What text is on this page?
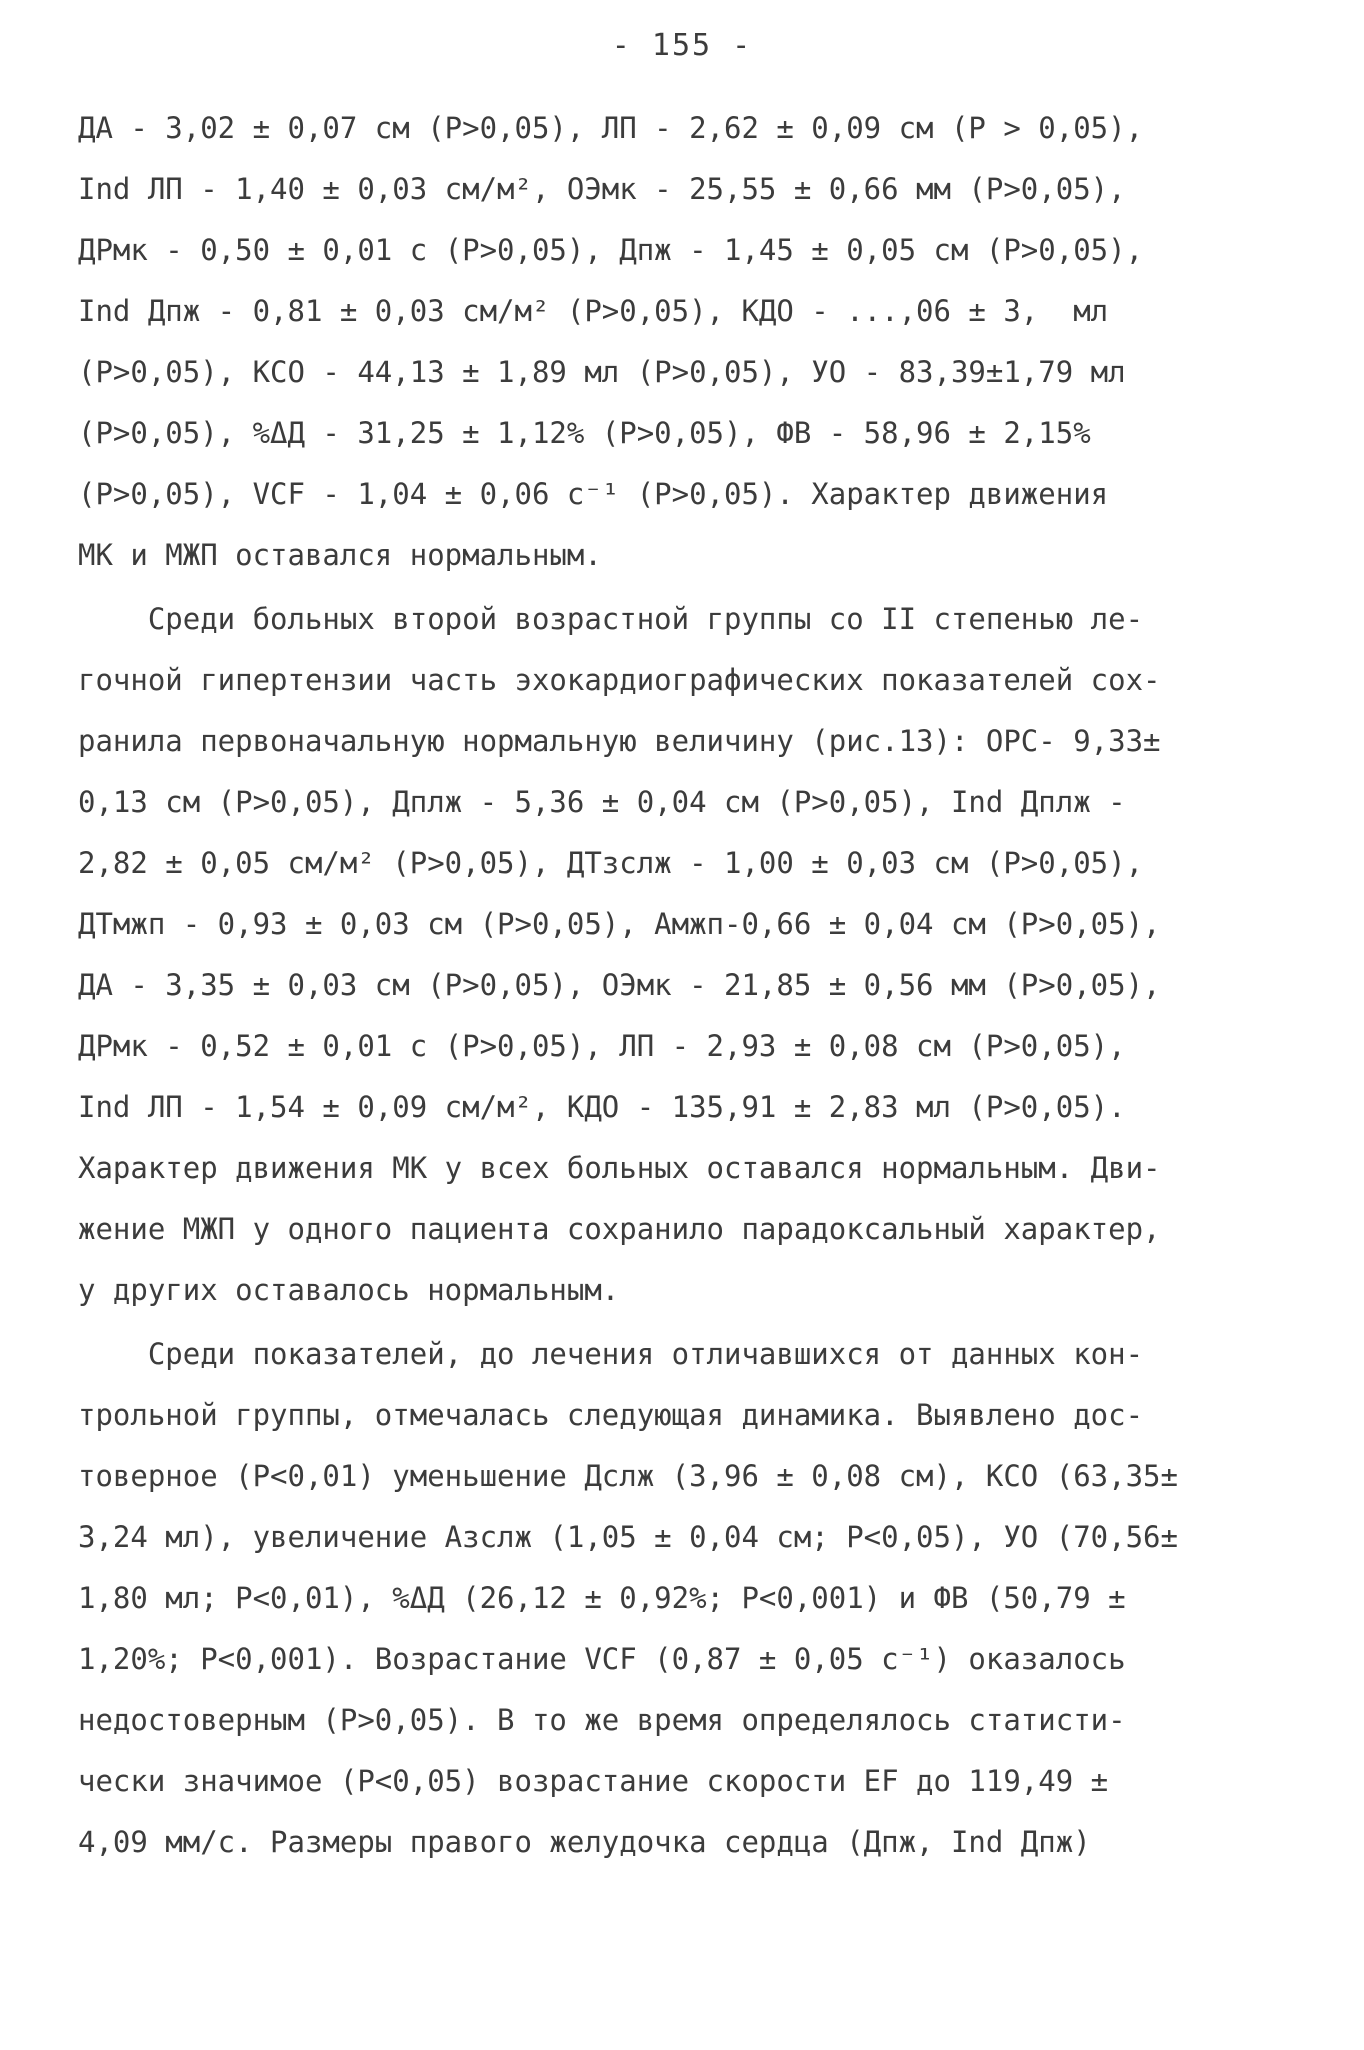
- 155 -
ДА - 3,02 ± 0,07 см (Р>0,05), ЛП - 2,62 ± 0,09 см (Р > 0,05),
Ind ЛП - 1,40 ± 0,03 см/м², ОЭмк - 25,55 ± 0,66 мм (Р>0,05),
ДРмк - 0,50 ± 0,01 с (Р>0,05), Дпж - 1,45 ± 0,05 см (Р>0,05),
Ind Дпж - 0,81 ± 0,03 см/м² (Р>0,05), КДО - ...,06 ± 3,  мл
(Р>0,05), КСО - 44,13 ± 1,89 мл (Р>0,05), УО - 83,39±1,79 мл
(Р>0,05), %ΔД - 31,25 ± 1,12% (Р>0,05), ФВ - 58,96 ± 2,15%
(Р>0,05), VCF - 1,04 ± 0,06 с⁻¹ (Р>0,05). Характер движения
МК и МЖП оставался нормальным.
Среди больных второй возрастной группы со II степенью ле-
гочной гипертензии часть эхокардиографических показателей сох-
ранила первоначальную нормальную величину (рис.13): ОРС- 9,33±
0,13 см (Р>0,05), Дплж - 5,36 ± 0,04 см (Р>0,05), Ind Дплж -
2,82 ± 0,05 см/м² (Р>0,05), ДТзслж - 1,00 ± 0,03 см (Р>0,05),
ДТмжп - 0,93 ± 0,03 см (Р>0,05), Амжп-0,66 ± 0,04 см (Р>0,05),
ДА - 3,35 ± 0,03 см (Р>0,05), ОЭмк - 21,85 ± 0,56 мм (Р>0,05),
ДРмк - 0,52 ± 0,01 с (Р>0,05), ЛП - 2,93 ± 0,08 см (Р>0,05),
Ind ЛП - 1,54 ± 0,09 см/м², КДО - 135,91 ± 2,83 мл (Р>0,05).
Характер движения МК у всех больных оставался нормальным. Дви-
жение МЖП у одного пациента сохранило парадоксальный характер,
у других оставалось нормальным.
Среди показателей, до лечения отличавшихся от данных кон-
трольной группы, отмечалась следующая динамика. Выявлено дос-
товерное (Р<0,01) уменьшение Дслж (3,96 ± 0,08 см), КСО (63,35±
3,24 мл), увеличение Азслж (1,05 ± 0,04 см; Р<0,05), УО (70,56±
1,80 мл; Р<0,01), %ΔД (26,12 ± 0,92%; Р<0,001) и ФВ (50,79 ±
1,20%; Р<0,001). Возрастание VCF (0,87 ± 0,05 с⁻¹) оказалось
недостоверным (Р>0,05). В то же время определялось статисти-
чески значимое (Р<0,05) возрастание скорости EF до 119,49 ±
4,09 мм/с. Размеры правого желудочка сердца (Дпж, Ind Дпж)
